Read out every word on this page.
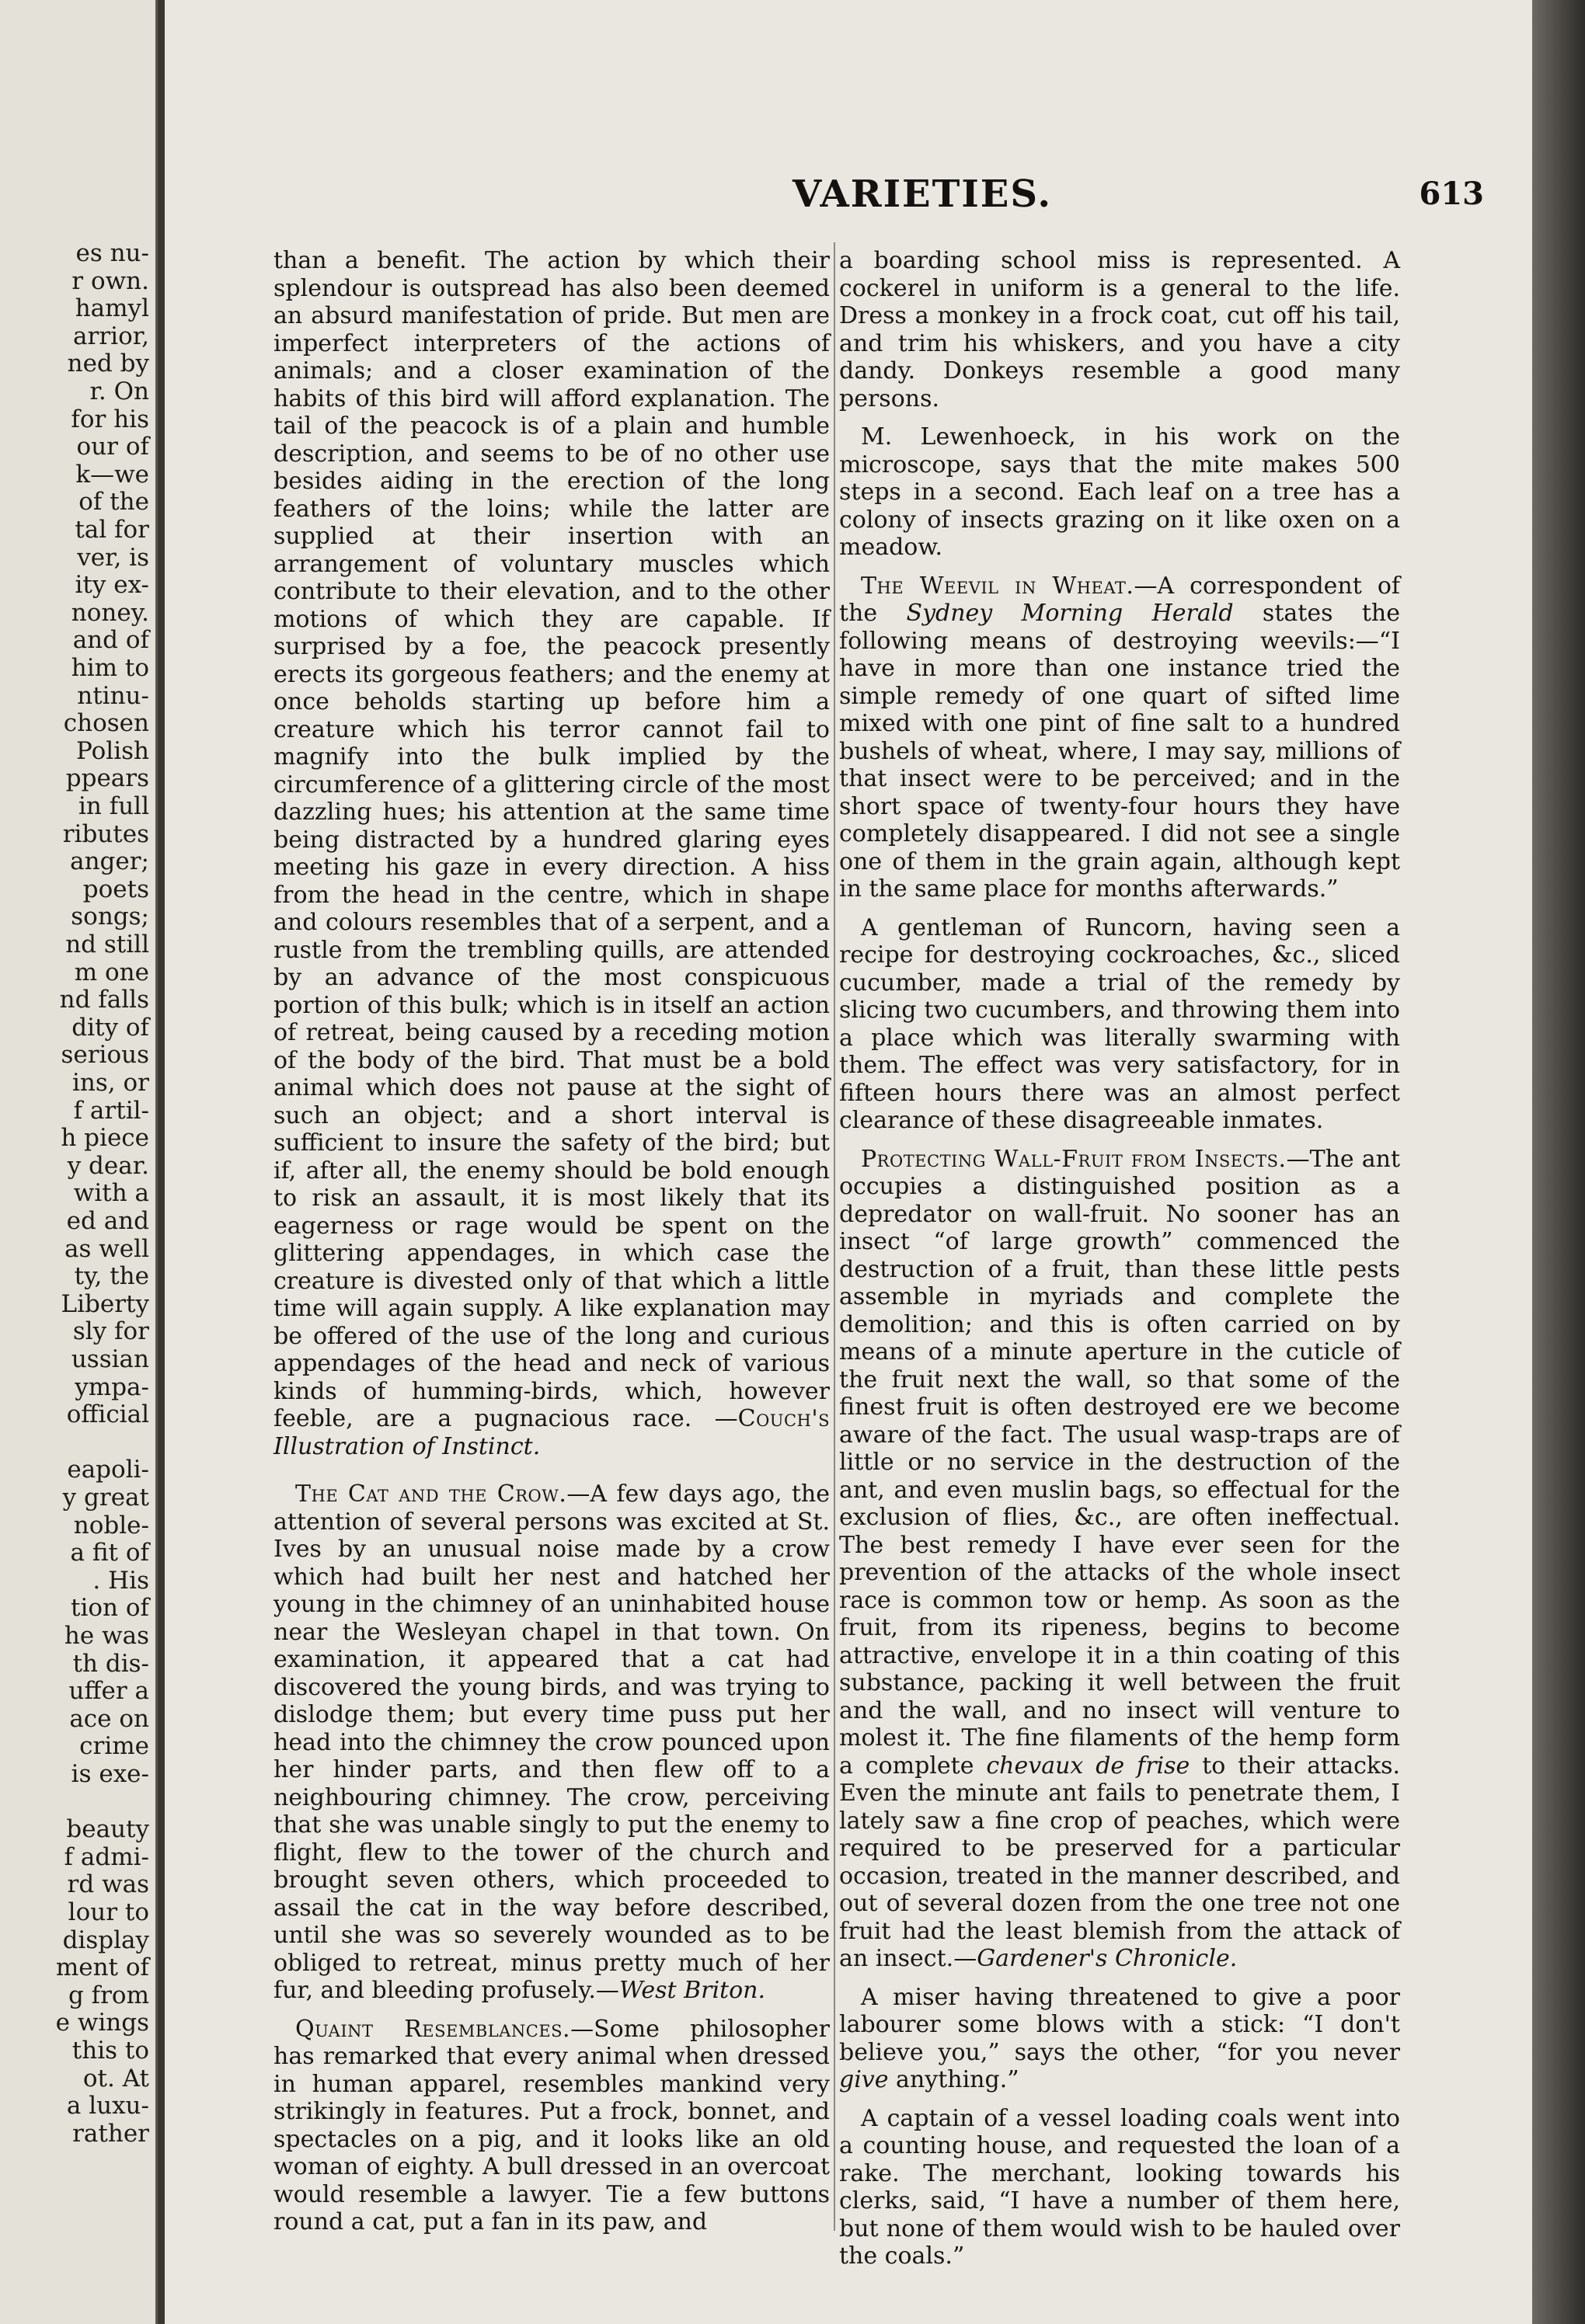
es nu-
r own.
hamyl
arrior,
ned by
r. On
for his
our of
k—we
of the
tal for
ver, is
ity ex-
noney.
and of
him to
ntinu-
chosen
Polish
ppears
in full
ributes
anger;
poets
songs;
nd still
m one
nd falls
dity of
serious
ins, or
f artil-
h piece
y dear.
with a
ed and
as well
ty, the
Liberty
sly for
ussian
ympa-
official
eapoli-
y great
noble-
a fit of
. His
tion of
he was
th dis-
uffer a
ace on
crime
is exe-
beauty
f admi-
rd was
lour to
display
ment of
g from
e wings
this to
ot. At
a luxu-
rather
VARIETIES.	613

than a benefit. The action by which their splendour is outspread has also been deemed an absurd manifestation of pride. But men are imperfect interpreters of the actions of animals; and a closer examination of the habits of this bird will afford explanation. The tail of the peacock is of a plain and humble description, and seems to be of no other use besides aiding in the erection of the long feathers of the loins; while the latter are supplied at their insertion with an arrangement of voluntary muscles which contribute to their elevation, and to the other motions of which they are capable. If surprised by a foe, the peacock presently erects its gorgeous feathers; and the enemy at once beholds starting up before him a creature which his terror cannot fail to magnify into the bulk implied by the circumference of a glittering circle of the most dazzling hues; his attention at the same time being distracted by a hundred glaring eyes meeting his gaze in every direction. A hiss from the head in the centre, which in shape and colours resembles that of a serpent, and a rustle from the trembling quills, are attended by an advance of the most conspicuous portion of this bulk; which is in itself an action of retreat, being caused by a receding motion of the body of the bird. That must be a bold animal which does not pause at the sight of such an object; and a short interval is sufficient to insure the safety of the bird; but if, after all, the enemy should be bold enough to risk an assault, it is most likely that its eagerness or rage would be spent on the glittering appendages, in which case the creature is divested only of that which a little time will again supply. A like explanation may be offered of the use of the long and curious appendages of the head and neck of various kinds of humming-birds, which, however feeble, are a pugnacious race. —Couch's Illustration of Instinct.

The Cat and the Crow.—A few days ago, the attention of several persons was excited at St. Ives by an unusual noise made by a crow which had built her nest and hatched her young in the chimney of an uninhabited house near the Wesleyan chapel in that town. On examination, it appeared that a cat had discovered the young birds, and was trying to dislodge them; but every time puss put her head into the chimney the crow pounced upon her hinder parts, and then flew off to a neighbouring chimney. The crow, perceiving that she was unable singly to put the enemy to flight, flew to the tower of the church and brought seven others, which proceeded to assail the cat in the way before described, until she was so severely wounded as to be obliged to retreat, minus pretty much of her fur, and bleeding profusely.—West Briton.

Quaint Resemblances.—Some philosopher has remarked that every animal when dressed in human apparel, resembles mankind very strikingly in features. Put a frock, bonnet, and spectacles on a pig, and it looks like an old woman of eighty. A bull dressed in an overcoat would resemble a lawyer. Tie a few buttons round a cat, put a fan in its paw, and

a boarding school miss is represented. A cockerel in uniform is a general to the life. Dress a monkey in a frock coat, cut off his tail, and trim his whiskers, and you have a city dandy. Donkeys resemble a good many persons.

M. Lewenhoeck, in his work on the microscope, says that the mite makes 500 steps in a second. Each leaf on a tree has a colony of insects grazing on it like oxen on a meadow.

The Weevil in Wheat.—A correspondent of the Sydney Morning Herald states the following means of destroying weevils:—“I have in more than one instance tried the simple remedy of one quart of sifted lime mixed with one pint of fine salt to a hundred bushels of wheat, where, I may say, millions of that insect were to be perceived; and in the short space of twenty-four hours they have completely disappeared. I did not see a single one of them in the grain again, although kept in the same place for months afterwards.”

A gentleman of Runcorn, having seen a recipe for destroying cockroaches, &c., sliced cucumber, made a trial of the remedy by slicing two cucumbers, and throwing them into a place which was literally swarming with them. The effect was very satisfactory, for in fifteen hours there was an almost perfect clearance of these disagreeable inmates.

Protecting Wall-Fruit from Insects.—The ant occupies a distinguished position as a depredator on wall-fruit. No sooner has an insect “of large growth” commenced the destruction of a fruit, than these little pests assemble in myriads and complete the demolition; and this is often carried on by means of a minute aperture in the cuticle of the fruit next the wall, so that some of the finest fruit is often destroyed ere we become aware of the fact. The usual wasp-traps are of little or no service in the destruction of the ant, and even muslin bags, so effectual for the exclusion of flies, &c., are often ineffectual. The best remedy I have ever seen for the prevention of the attacks of the whole insect race is common tow or hemp. As soon as the fruit, from its ripeness, begins to become attractive, envelope it in a thin coating of this substance, packing it well between the fruit and the wall, and no insect will venture to molest it. The fine filaments of the hemp form a complete chevaux de frise to their attacks. Even the minute ant fails to penetrate them, I lately saw a fine crop of peaches, which were required to be preserved for a particular occasion, treated in the manner described, and out of several dozen from the one tree not one fruit had the least blemish from the attack of an insect.—Gardener's Chronicle.

A miser having threatened to give a poor labourer some blows with a stick: “I don't believe you,” says the other, “for you never give anything.”

A captain of a vessel loading coals went into a counting house, and requested the loan of a rake. The merchant, looking towards his clerks, said, “I have a number of them here, but none of them would wish to be hauled over the coals.”
